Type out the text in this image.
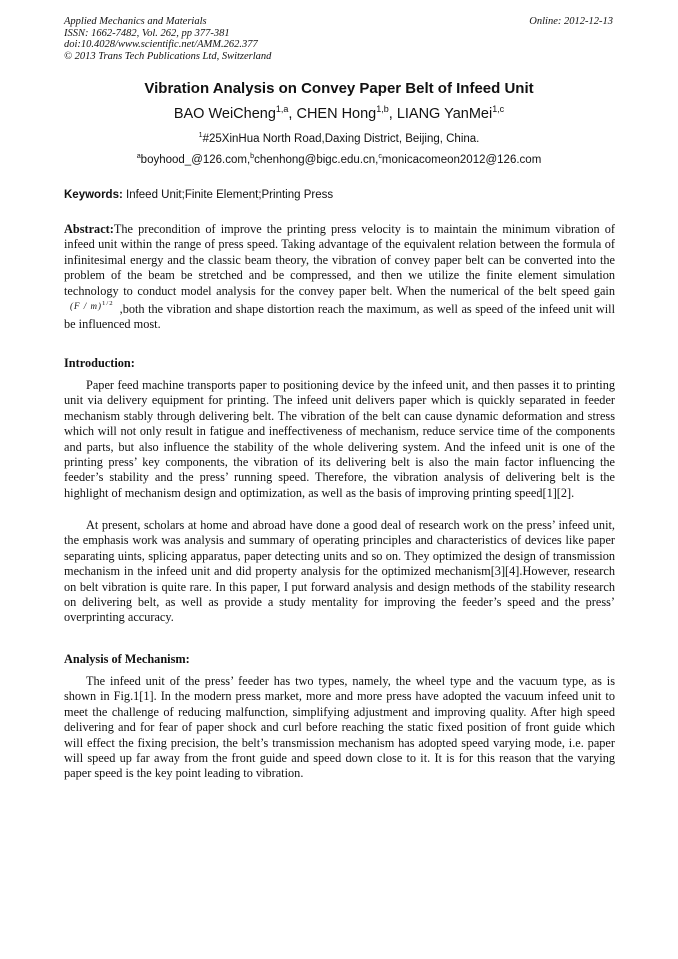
Applied Mechanics and Materials
ISSN: 1662-7482, Vol. 262, pp 377-381
doi:10.4028/www.scientific.net/AMM.262.377
© 2013 Trans Tech Publications Ltd, Switzerland
Online: 2012-12-13
Vibration Analysis on Convey Paper Belt of Infeed Unit
BAO WeiCheng$^{1,a}$, CHEN Hong$^{1,b}$, LIANG YanMei$^{1,c}$
$^1$#25XinHua North Road,Daxing District, Beijing, China.
$^a$boyhood_@126.com,$^b$chenhong@bigc.edu.cn,$^c$monicacomeon2012@126.com
Keywords: Infeed Unit;Finite Element;Printing Press
Abstract:The precondition of improve the printing press velocity is to maintain the minimum vibration of infeed unit within the range of press speed. Taking advantage of the equivalent relation between the formula of infinitesimal energy and the classic beam theory, the vibration of convey paper belt can be converted into the problem of the beam be stretched and be compressed, and then we utilize the finite element simulation technology to conduct model analysis for the convey paper belt. When the numerical of the belt speed gain(F / m)$^{1/2}$ ,both the vibration and shape distortion reach the maximum, as well as speed of the infeed unit will be influenced most.
Introduction:
Paper feed machine transports paper to positioning device by the infeed unit, and then passes it to printing unit via delivery equipment for printing. The infeed unit delivers paper which is quickly separated in feeder mechanism stably through delivering belt. The vibration of the belt can cause dynamic deformation and stress which will not only result in fatigue and ineffectiveness of mechanism, reduce service time of the components and parts, but also influence the stability of the whole delivering system. And the infeed unit is one of the printing press’ key components, the vibration of its delivering belt is also the main factor influencing the feeder’s stability and the press’ running speed. Therefore, the vibration analysis of delivering belt is the highlight of mechanism design and optimization, as well as the basis of improving printing speed[1][2].
At present, scholars at home and abroad have done a good deal of research work on the press’ infeed unit, the emphasis work was analysis and summary of operating principles and characteristics of devices like paper separating uints, splicing apparatus, paper detecting units and so on. They optimized the design of transmission mechanism in the infeed unit and did property analysis for the optimized mechanism[3][4].However, research on belt vibration is quite rare. In this paper, I put forward analysis and design methods of the stability research on delivering belt, as well as provide a study mentality for improving the feeder’s speed and the press’ overprinting accuracy.
Analysis of Mechanism:
The infeed unit of the press’ feeder has two types, namely, the wheel type and the vacuum type, as is shown in Fig.1[1]. In the modern press market, more and more press have adopted the vacuum infeed unit to meet the challenge of reducing malfunction, simplifying adjustment and improving quality. After high speed delivering and for fear of paper shock and curl before reaching the static fixed position of front guide which will effect the fixing precision, the belt’s transmission mechanism has adopted speed varying mode, i.e. paper will speed up far away from the front guide and speed down close to it. It is for this reason that the varying paper speed is the key point leading to vibration.
